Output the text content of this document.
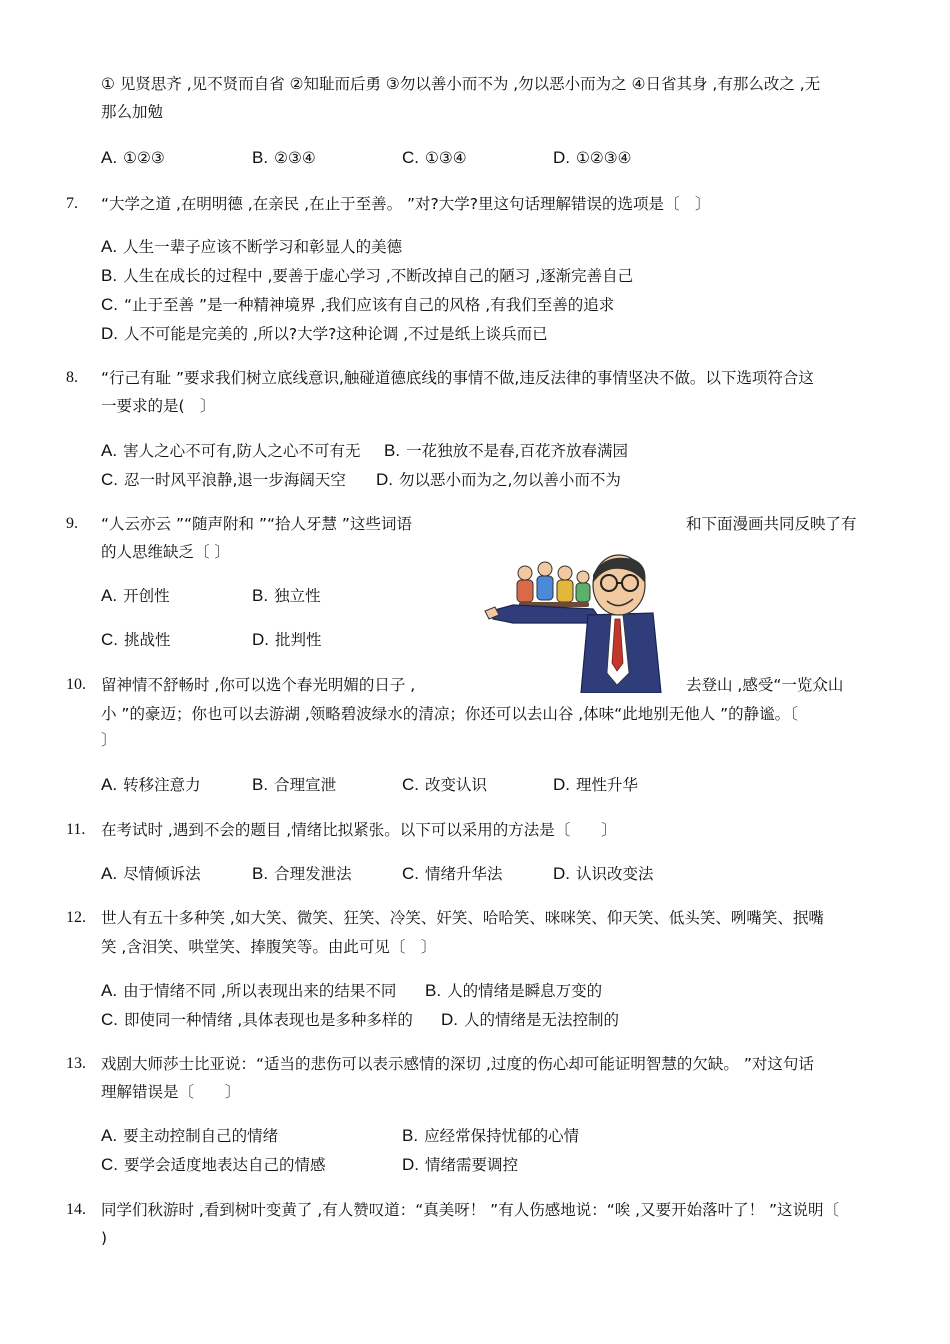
① 见贤思齐 ,见不贤而自省 ②知耻而后勇 ③勿以善小而不为 ,勿以恶小而为之 ④日省其身 ,有那么改之 ,无
那么加勉
A. ①②③	B. ②③④	C. ①③④	D. ①②③④
7. “大学之道 ,在明明德 ,在亲民 ,在止于至善。 ”对?大学?里这句话理解错误的选项是〔　〕
A. 人生一辈子应该不断学习和彰显人的美德
B. 人生在成长的过程中 ,要善于虚心学习 ,不断改掉自己的陋习 ,逐渐完善自己
C. “止于至善 ”是一种精神境界 ,我们应该有自己的风格 ,有我们至善的追求
D. 人不可能是完美的 ,所以?大学?这种论调 ,不过是纸上谈兵而已
8. “行己有耻 ”要求我们树立底线意识,触碰道德底线的事情不做,违反法律的事情坚决不做。以下选项符合这
一要求的是(　〕
A. 害人之心不可有,防人之心不可有无 B. 一花独放不是春,百花齐放春满园
C. 忍一时风平浪静,退一步海阔天空 D. 勿以恶小而为之,勿以善小而不为
9. “人云亦云 ”“随声附和 ”“拾人牙慧 ”这些词语	和下面漫画共同反映了有
的人思维缺乏〔 〕
A. 开创性	B. 独立性
C. 挑战性	D. 批判性
10. 留神情不舒畅时 ,你可以选个春光明媚的日子 ,	去登山 ,感受“一览众山
小 ”的豪迈；你也可以去游湖 ,领略碧波绿水的清凉；你还可以去山谷 ,体味“此地别无他人 ”的静谧。〔
〕
A. 转移注意力	B. 合理宣泄	C. 改变认识	D. 理性升华
11. 在考试时 ,遇到不会的题目 ,情绪比拟紧张。以下可以采用的方法是〔　　〕
A. 尽情倾诉法	B. 合理发泄法	C. 情绪升华法	D. 认识改变法
12. 世人有五十多种笑 ,如大笑、微笑、狂笑、冷笑、奸笑、哈哈笑、咪咪笑、仰天笑、低头笑、咧嘴笑、抿嘴
笑 ,含泪笑、哄堂笑、捧腹笑等。由此可见〔　〕
A. 由于情绪不同 ,所以表现出来的结果不同 B. 人的情绪是瞬息万变的
C. 即使同一种情绪 ,具体表现也是多种多样的 D. 人的情绪是无法控制的
13. 戏剧大师莎士比亚说：“适当的悲伤可以表示感情的深切 ,过度的伤心却可能证明智慧的欠缺。 ”对这句话
理解错误是〔　　〕
A. 要主动控制自己的情绪	B. 应经常保持忧郁的心情
C. 要学会适度地表达自己的情感	D. 情绪需要调控
14. 同学们秋游时 ,看到树叶变黄了 ,有人赞叹道：“真美呀！ ”有人伤感地说：“唉 ,又要开始落叶了！ ”这说明〔
)
